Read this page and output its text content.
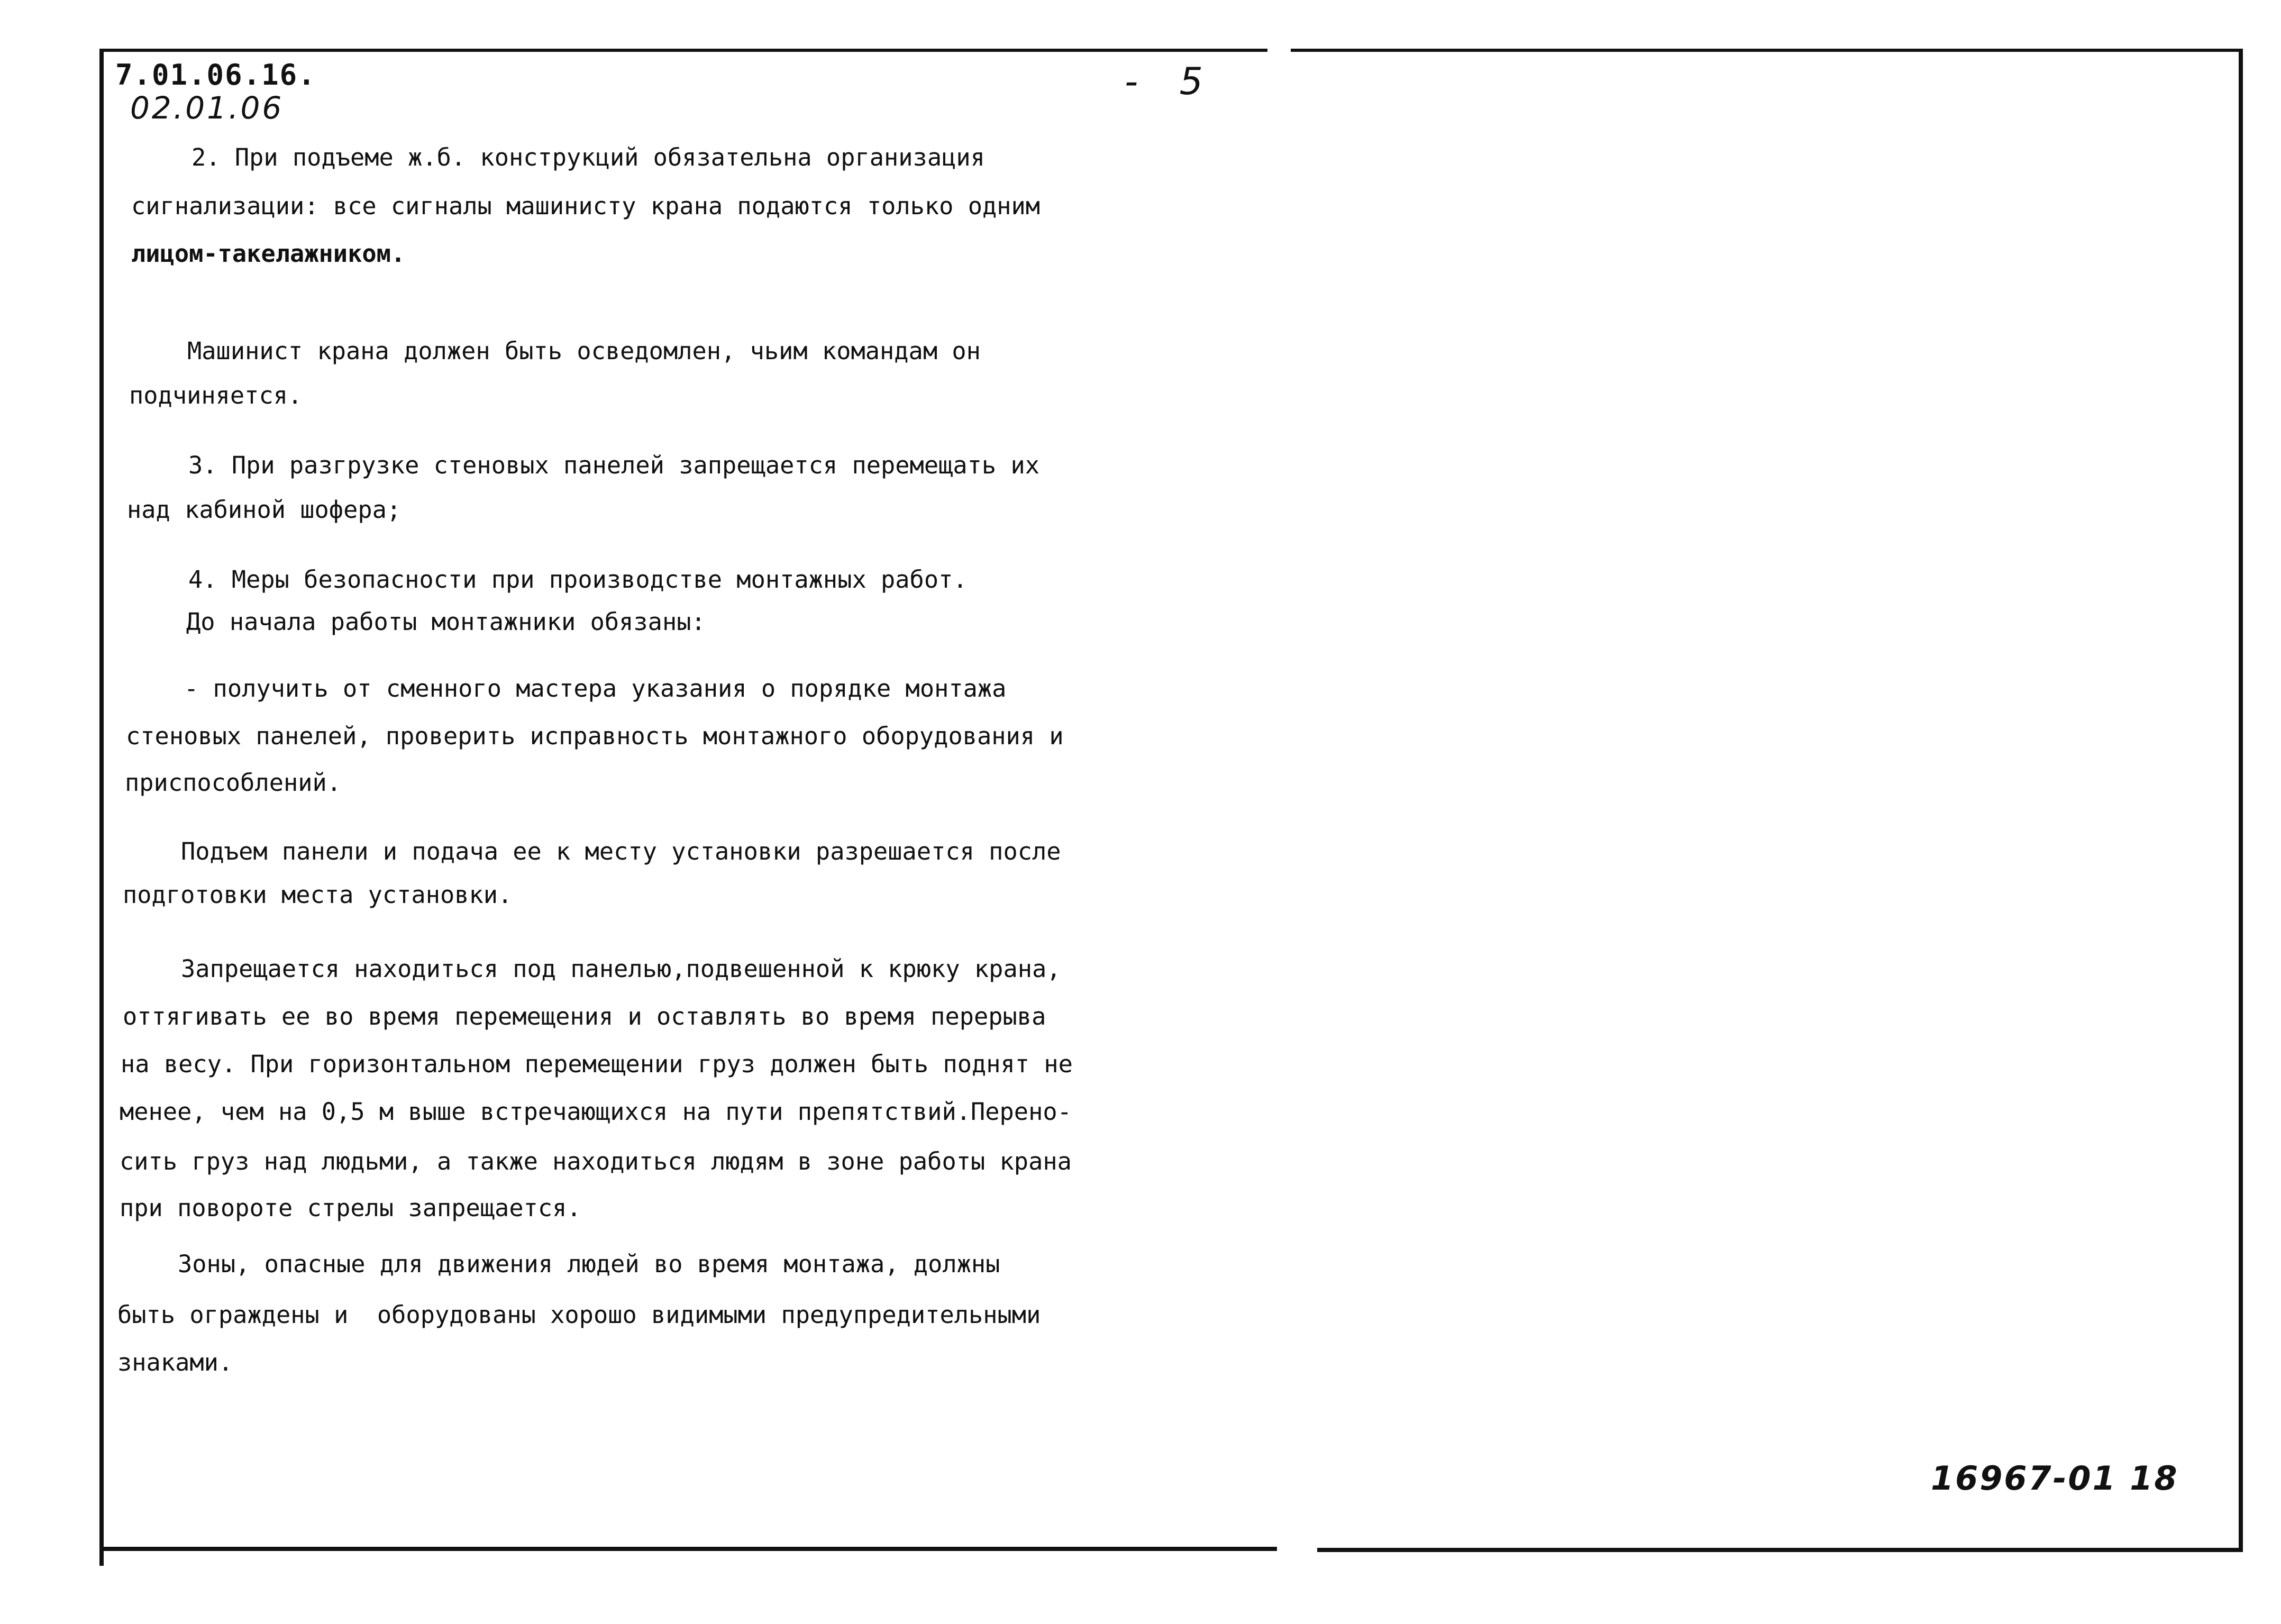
7.01.06.16.
02.01.06
- 5
2. При подъеме ж.б. конструкций обязательна организация
сигнализации: все сигналы машинисту крана подаются только одним
лицом-такелажником.
Машинист крана должен быть осведомлен, чьим командам он
подчиняется.
3. При разгрузке стеновых панелей запрещается перемещать их
над кабиной шофера;
4. Меры безопасности при производстве монтажных работ.
До начала работы монтажники обязаны:
- получить от сменного мастера указания о порядке монтажа
стеновых панелей, проверить исправность монтажного оборудования и
приспособлений.
Подъем панели и подача ее к месту установки разрешается после
подготовки места установки.
Запрещается находиться под панелью,подвешенной к крюку крана,
оттягивать ее во время перемещения и оставлять во время перерыва
на весу. При горизонтальном перемещении груз должен быть поднят не
менее, чем на 0,5 м выше встречающихся на пути препятствий.Перено-
сить груз над людьми, а также находиться людям в зоне работы крана
при повороте стрелы запрещается.
Зоны, опасные для движения людей во время монтажа, должны
быть ограждены и  оборудованы хорошо видимыми предупредительными
знаками.
16967-01 18
